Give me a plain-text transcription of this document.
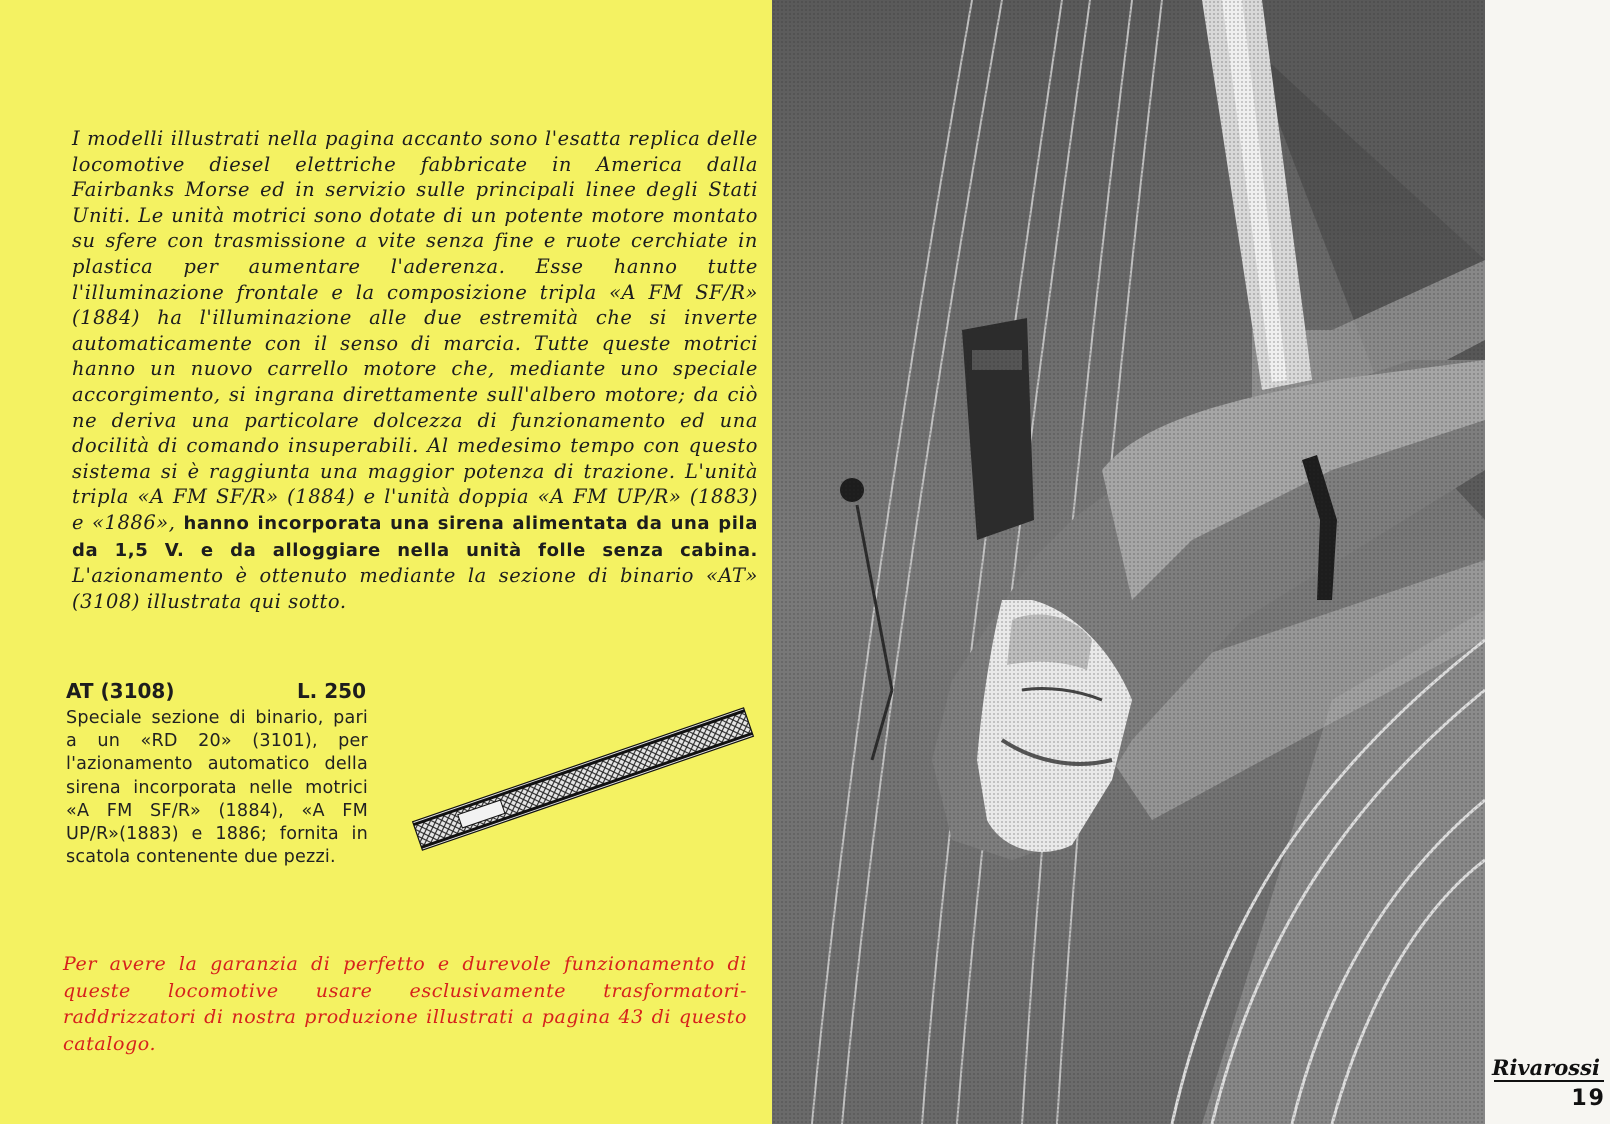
I modelli illustrati nella pagina accanto sono l'esatta replica delle locomotive diesel elettriche fabbricate in America dalla Fairbanks Morse ed in servizio sulle principali linee degli Stati Uniti. Le unità motrici sono dotate di un potente motore montato su sfere con trasmissione a vite senza fine e ruote cerchiate in plastica per aumentare l'aderenza. Esse hanno tutte l'illuminazione frontale e la composizione tripla «A FM SF/R» (1884) ha l'illuminazione alle due estremità che si inverte automaticamente con il senso di marcia. Tutte queste motrici hanno un nuovo carrello motore che, mediante uno speciale accorgimento, si ingrana direttamente sull'albero motore; da ciò ne deriva una particolare dolcezza di funzionamento ed una docilità di comando insuperabili. Al medesimo tempo con questo sistema si è raggiunta una maggior potenza di trazione. L'unità tripla «A FM SF/R» (1884) e l'unità doppia «A FM UP/R» (1883) e «1886», hanno incorporata una sirena alimentata da una pila da 1,5 V. e da alloggiare nella unità folle senza cabina. L'azionamento è ottenuto mediante la sezione di binario «AT» (3108) illustrata qui sotto.

AT (3108)	L. 250

Speciale sezione di binario, pari a un «RD 20» (3101), per l'azionamento automatico della sirena incorporata nelle motrici «A FM SF/R» (1884), «A FM UP/R»(1883) e 1886; fornita in scatola contenente due pezzi.

Per avere la garanzia di perfetto e durevole funzionamento di queste locomotive usare esclusivamente trasformatori-raddrizzatori di nostra produzione illustrati a pagina 43 di questo catalogo.

Rivarossi
19
